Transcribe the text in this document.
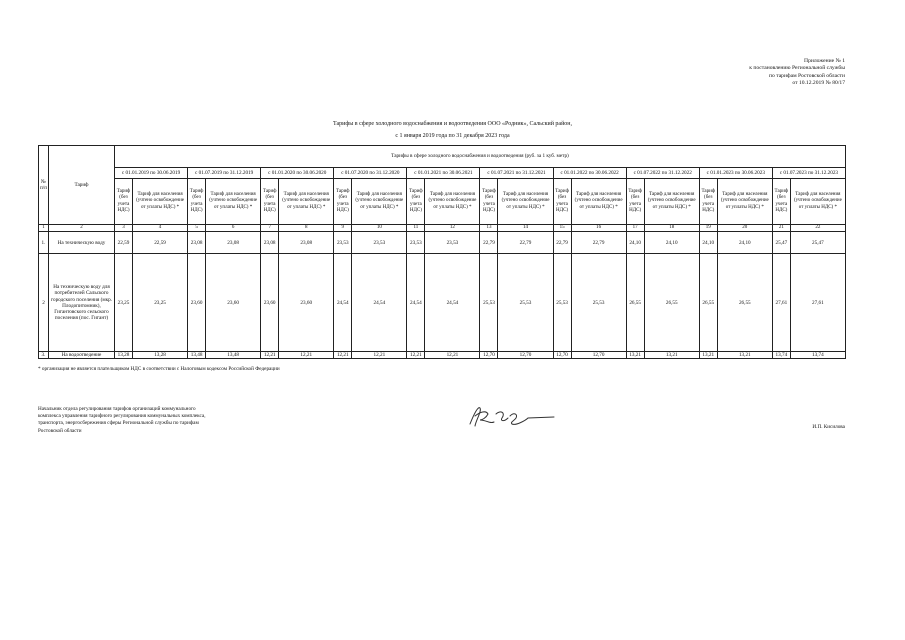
Приложение № 1
к постановлению Региональной службы
по тарифам Ростовской области
от 10.12.2019 № 80/17
Тарифы в сфере холодного водоснабжения и водоотведения ООО «Родник», Сальский район,
с 1 января 2019 года по 31 декабря 2023 года
№ п/п	Тариф	Тарифы в сфере холодного водоснабжения и водоотведения (руб. за 1 куб. метр)																			
		с 01.01.2019 по 30.06.2019		с 01.07.2019 по 31.12.2019		с 01.01.2020 по 30.06.2020		с 01.07.2020 по 31.12.2020		с 01.01.2021 по 30.06.2021		с 01.07.2021 по 31.12.2021		с 01.01.2022 по 30.06.2022		с 01.07.2022 по 31.12.2022		с 01.01.2023 по 30.06.2023		с 01.07.2023 по 31.12.2023	
		Тариф (без учета НДС)	Тариф для населения (учтено освобождение от уплаты НДС) *	Тариф (без учета НДС)	Тариф для населения (учтено освобождение от уплаты НДС) *	Тариф (без учета НДС)	Тариф для населения (учтено освобождение от уплаты НДС) *	Тариф (без учета НДС)	Тариф для населения (учтено освобождение от уплаты НДС) *	Тариф (без учета НДС)	Тариф для населения (учтено освобождение от уплаты НДС) *	Тариф (без учета НДС)	Тариф для населения (учтено освобождение от уплаты НДС) *	Тариф (без учета НДС)	Тариф для населения (учтено освобождение от уплаты НДС) *	Тариф (без учета НДС)	Тариф для населения (учтено освобождение от уплаты НДС) *	Тариф (без учета НДС)	Тариф для населения (учтено освобождение от уплаты НДС) *	Тариф (без учета НДС)	Тариф для населения (учтено освобождение от уплаты НДС) *
1	2	3	4	5	6	7	8	9	10	11	12	13	14	15	16	17	18	19	20	21	22
1.	На техническую воду	22,59	22,59	23,08	23,08	23,08	23,08	23,53	23,53	23,53	23,53	22,79	22,79	22,79	22,79	24,10	24,10	24,10	24,10	25,47	25,47
2	На техническую воду для потребителей Сальского городского поселения (мкр. Плодопитомник), Гигантовского сельского поселения (пос. Гигант)	23,25	23,25	23,60	23,60	23,60	23,60	24,54	24,54	24,54	24,54	25,53	25,53	25,53	25,53	26,55	26,55	26,55	26,55	27,61	27,61
3.	На водоотведение	13,28	13,28	13,48	13,48	12,21	12,21	12,21	12,21	12,21	12,21	12,70	12,70	12,70	12,70	13,21	13,21	13,21	13,21	13,74	13,74
* организация не является плательщиком НДС в соответствии с Налоговым кодексом Российской Федерации
Начальник отдела регулирования тарифов организаций коммунального
комплекса управления тарифного регулирования коммунальных комплекса,
транспорта, энергосбережения сферы Региональной службы по тарифам
Ростовской области
И.П. Кисилова
